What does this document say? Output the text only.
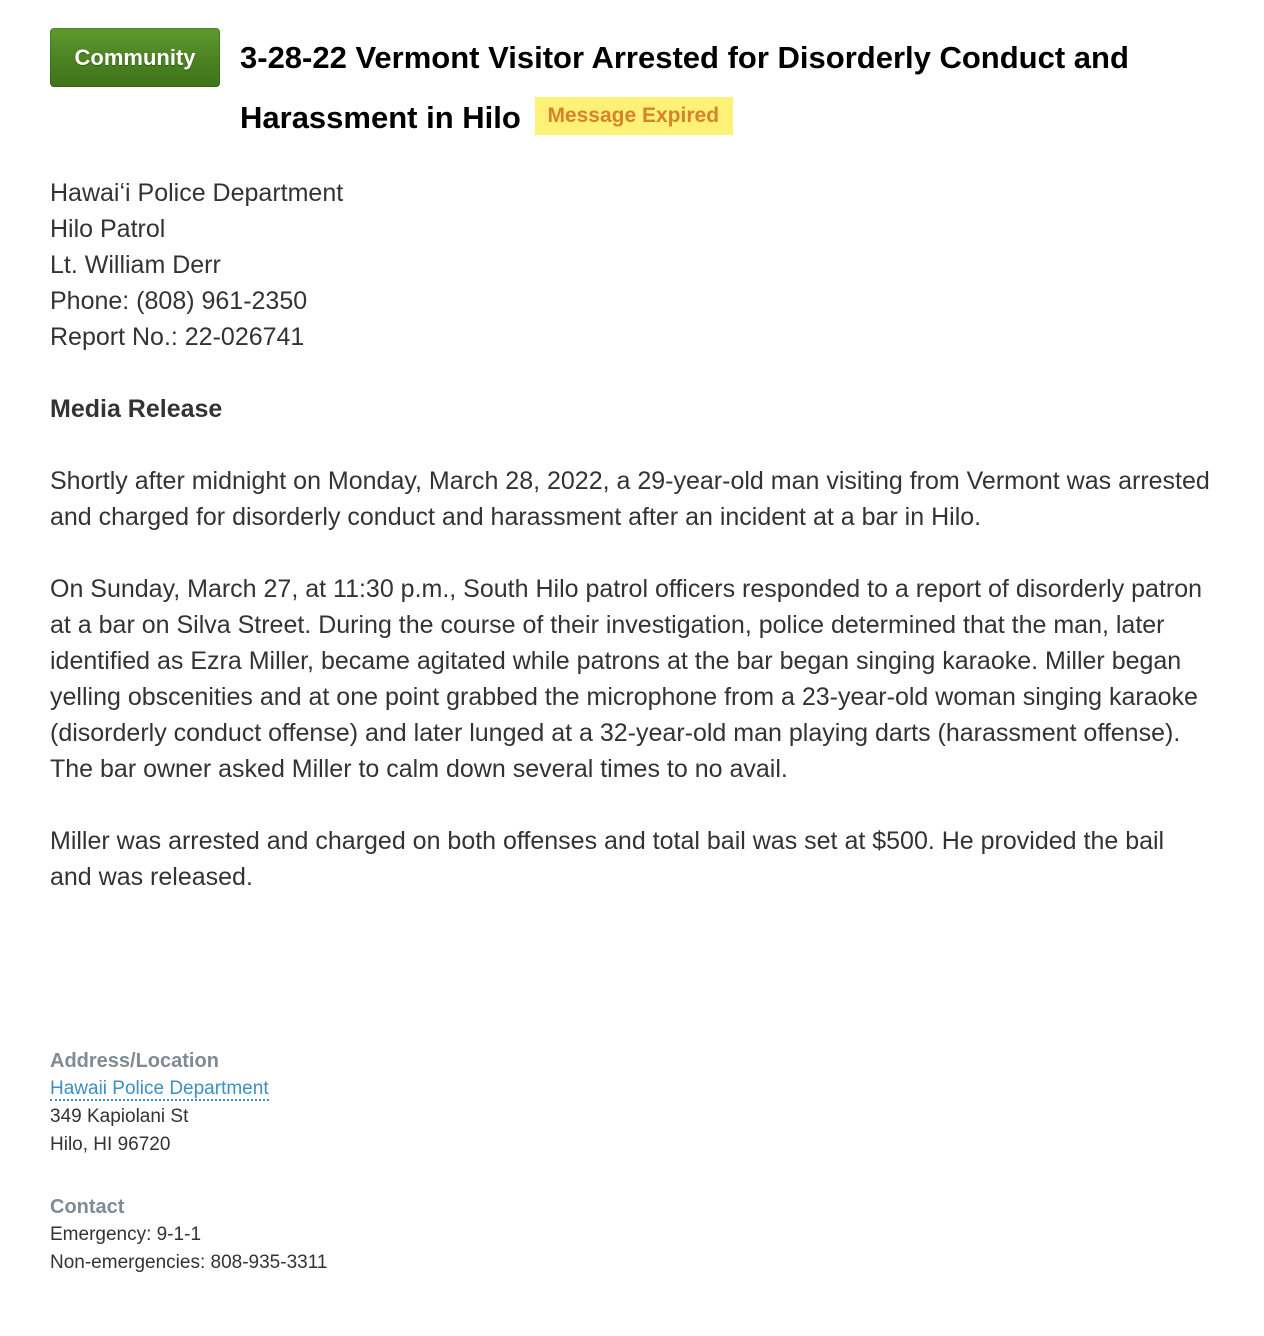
Community	3-28-22 Vermont Visitor Arrested for Disorderly Conduct and Harassment in Hilo Message Expired

Hawaiʻi Police Department
Hilo Patrol
Lt. William Derr
Phone: (808) 961-2350
Report No.: 22-026741

Media Release

Shortly after midnight on Monday, March 28, 2022, a 29-year-old man visiting from Vermont was arrested and charged for disorderly conduct and harassment after an incident at a bar in Hilo.

On Sunday, March 27, at 11:30 p.m., South Hilo patrol officers responded to a report of disorderly patron at a bar on Silva Street. During the course of their investigation, police determined that the man, later identified as Ezra Miller, became agitated while patrons at the bar began singing karaoke. Miller began yelling obscenities and at one point grabbed the microphone from a 23-year-old woman singing karaoke (disorderly conduct offense) and later lunged at a 32-year-old man playing darts (harassment offense). The bar owner asked Miller to calm down several times to no avail.

Miller was arrested and charged on both offenses and total bail was set at $500. He provided the bail and was released.

Address/Location
Hawaii Police Department
349 Kapiolani St
Hilo, HI 96720
Contact
Emergency: 9-1-1
Non-emergencies: 808-935-3311
